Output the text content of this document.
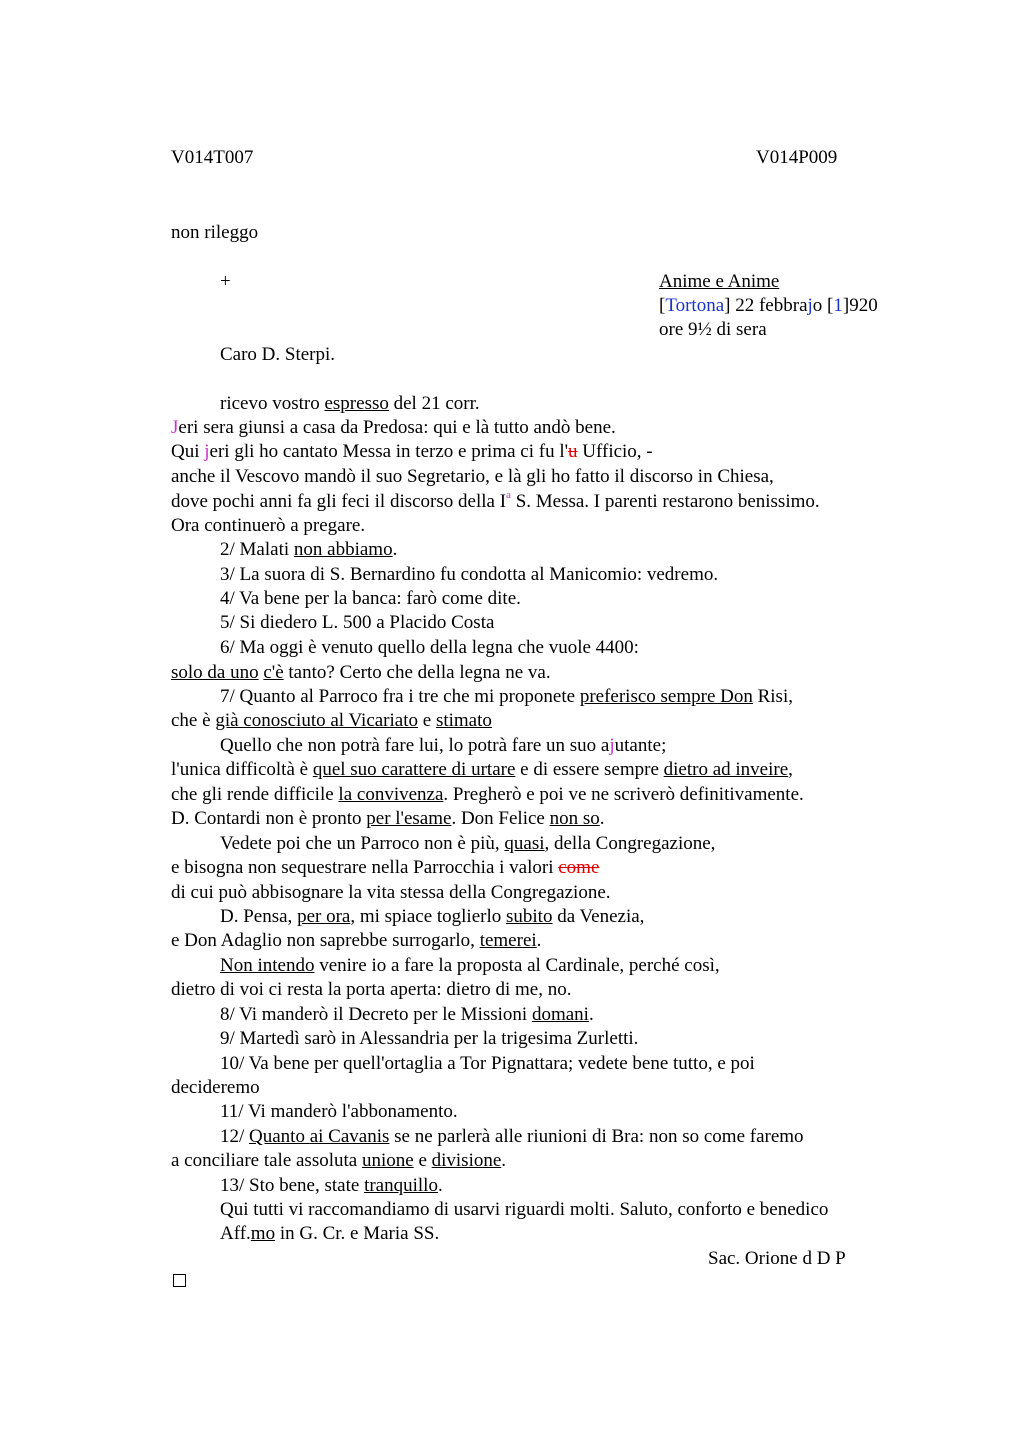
V014T007	V014P009
non rileggo
+	Anime e Anime
[Tortona] 22 febbrajo [1]920
ore 9½ di sera
Caro D. Sterpi.
ricevo vostro espresso del 21 corr.
Jeri sera giunsi a casa da Predosa: qui e là tutto andò bene.
Qui jeri gli ho cantato Messa in terzo e prima ci fu l'u Ufficio, -
anche il Vescovo mandò il suo Segretario, e là gli ho fatto il discorso in Chiesa,
dove pochi anni fa gli feci il discorso della $I^a$ S. Messa. I parenti restarono benissimo.
Ora continuerò a pregare.
2/ Malati non abbiamo.
3/ La suora di S. Bernardino fu condotta al Manicomio: vedremo.
4/ Va bene per la banca: farò come dite.
5/ Si diedero L. 500 a Placido Costa
6/ Ma oggi è venuto quello della legna che vuole 4400:
solo da uno c'è tanto? Certo che della legna ne va.
7/ Quanto al Parroco fra i tre che mi proponete preferisco sempre Don Risi,
che è già conosciuto al Vicariato e stimato
Quello che non potrà fare lui, lo potrà fare un suo ajutante;
l'unica difficoltà è quel suo carattere di urtare e di essere sempre dietro ad inveire,
che gli rende difficile la convivenza. Pregherò e poi ve ne scriverò definitivamente.
D. Contardi non è pronto per l'esame. Don Felice non so.
Vedete poi che un Parroco non è più, quasi, della Congregazione,
e bisogna non sequestrare nella Parrocchia i valori come
di cui può abbisognare la vita stessa della Congregazione.
D. Pensa, per ora, mi spiace toglierlo subito da Venezia,
e Don Adaglio non saprebbe surrogarlo, temerei.
Non intendo venire io a fare la proposta al Cardinale, perché così,
dietro di voi ci resta la porta aperta: dietro di me, no.
8/ Vi manderò il Decreto per le Missioni domani.
9/ Martedì sarò in Alessandria per la trigesima Zurletti.
10/ Va bene per quell'ortaglia a Tor Pignattara; vedete bene tutto, e poi
decideremo
11/ Vi manderò l'abbonamento.
12/ Quanto ai Cavanis se ne parlerà alle riunioni di Bra: non so come faremo
a conciliare tale assoluta unione e divisione.
13/ Sto bene, state tranquillo.
Qui tutti vi raccomandiamo di usarvi riguardi molti. Saluto, conforto e benedico
Aff.mo in G. Cr. e Maria SS.
Sac. Orione d D P
